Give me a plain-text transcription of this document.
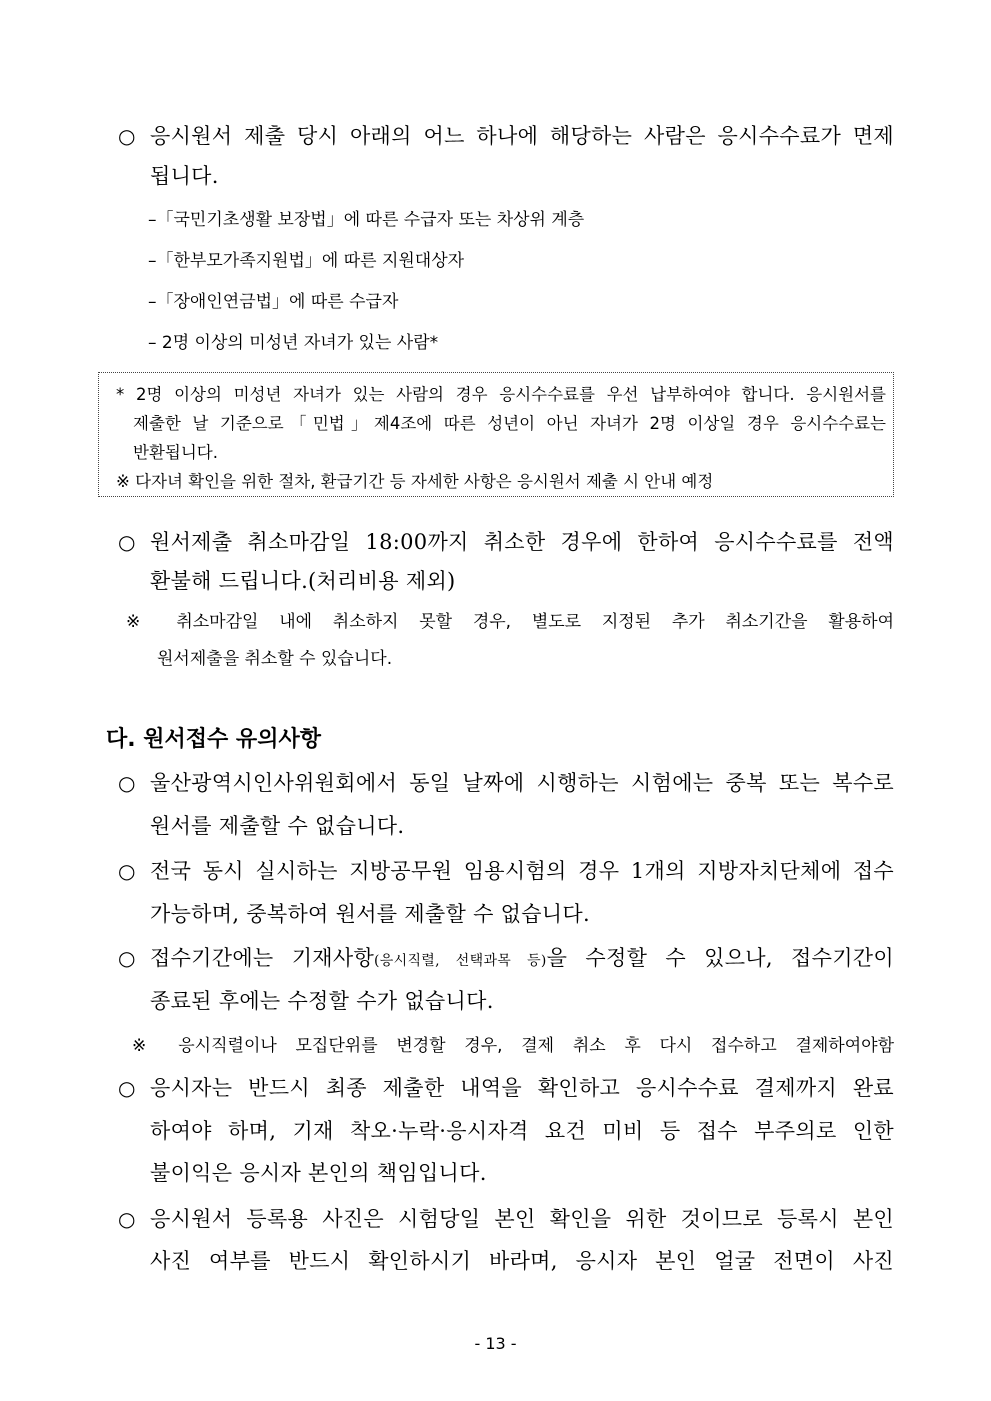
○ 응시원서 제출 당시 아래의 어느 하나에 해당하는 사람은 응시수수료가 면제
됩니다.
–「국민기초생활 보장법」에 따른 수급자 또는 차상위 계층
–「한부모가족지원법」에 따른 지원대상자
–「장애인연금법」에 따른 수급자
– 2명 이상의 미성년 자녀가 있는 사람*
* 2명 이상의 미성년 자녀가 있는 사람의 경우 응시수수료를 우선 납부하여야 합니다. 응시원서를
제출한 날 기준으로「민법」제4조에 따른 성년이 아닌 자녀가 2명 이상일 경우 응시수수료는
반환됩니다.
※ 다자녀 확인을 위한 절차, 환급기간 등 자세한 사항은 응시원서 제출 시 안내 예정
○ 원서제출 취소마감일 18:00까지 취소한 경우에 한하여 응시수수료를 전액
환불해 드립니다.(처리비용 제외)
※ 취소마감일 내에 취소하지 못할 경우, 별도로 지정된 추가 취소기간을 활용하여
원서제출을 취소할 수 있습니다.
다. 원서접수 유의사항
○ 울산광역시인사위원회에서 동일 날짜에 시행하는 시험에는 중복 또는 복수로
원서를 제출할 수 없습니다.
○ 전국 동시 실시하는 지방공무원 임용시험의 경우 1개의 지방자치단체에 접수
가능하며, 중복하여 원서를 제출할 수 없습니다.
○ 접수기간에는 기재사항(응시직렬, 선택과목 등)을 수정할 수 있으나, 접수기간이
종료된 후에는 수정할 수가 없습니다.
※ 응시직렬이나 모집단위를 변경할 경우, 결제 취소 후 다시 접수하고 결제하여야함
○ 응시자는 반드시 최종 제출한 내역을 확인하고 응시수수료 결제까지 완료
하여야 하며, 기재 착오·누락·응시자격 요건 미비 등 접수 부주의로 인한
불이익은 응시자 본인의 책임입니다.
○ 응시원서 등록용 사진은 시험당일 본인 확인을 위한 것이므로 등록시 본인
사진 여부를 반드시 확인하시기 바라며, 응시자 본인 얼굴 전면이 사진
- 13 -
